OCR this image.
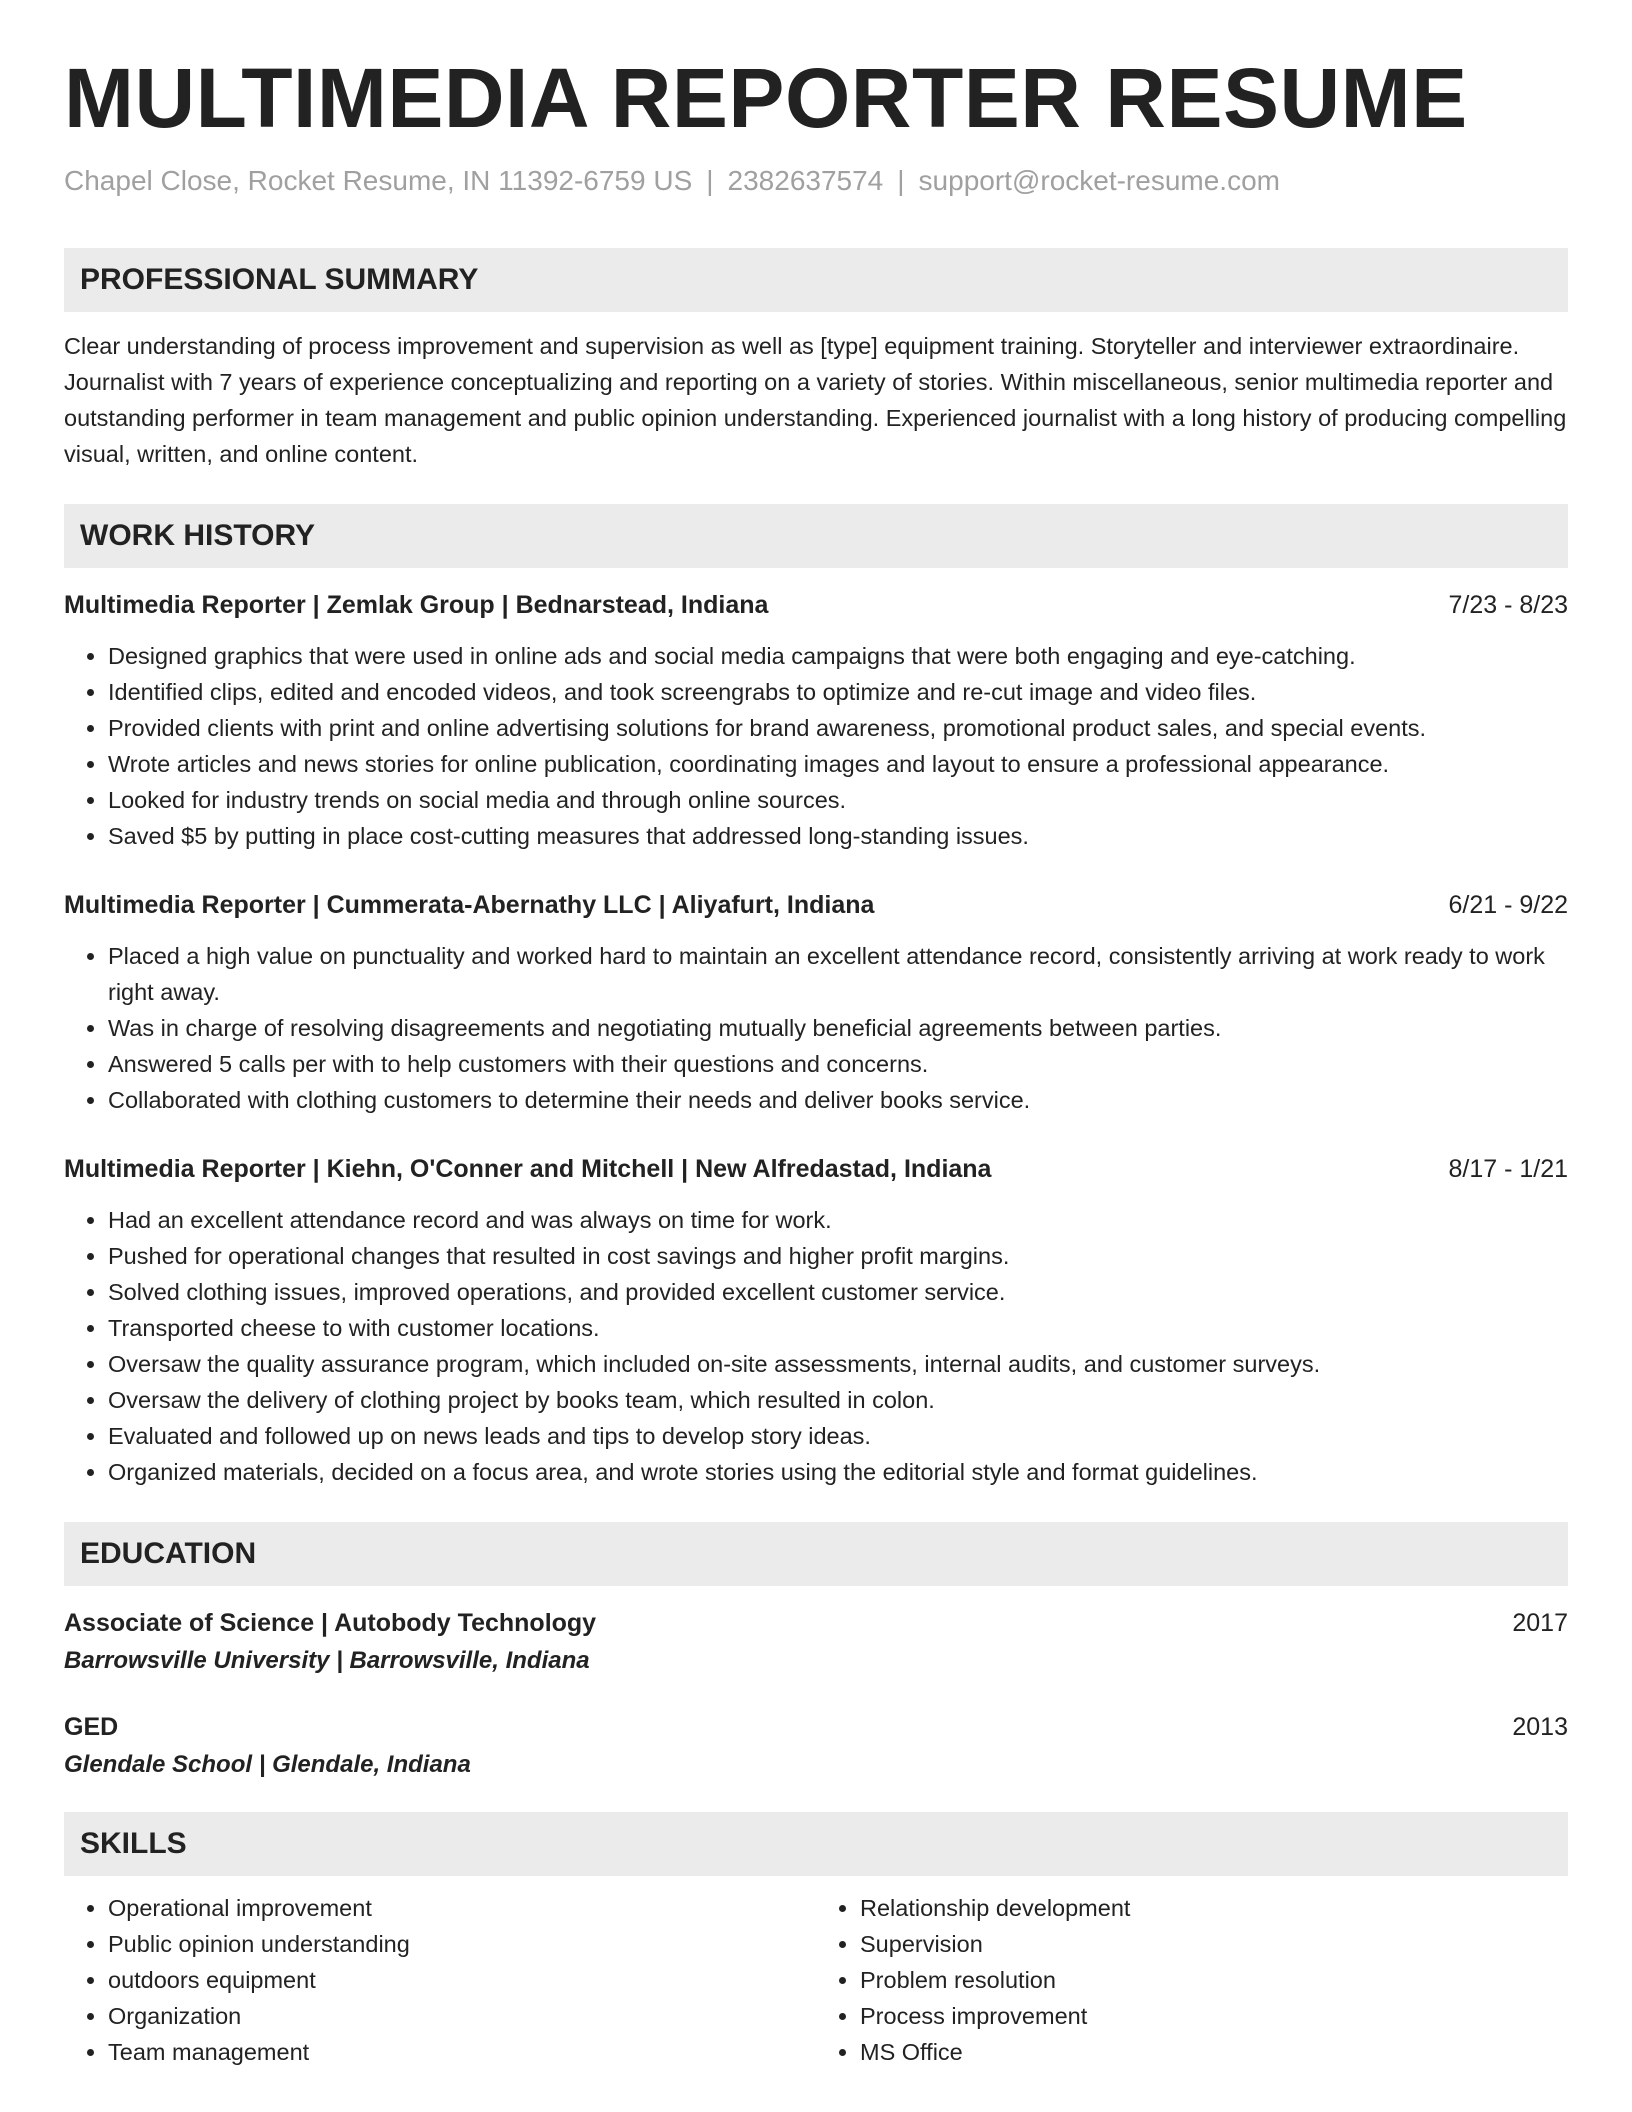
MULTIMEDIA REPORTER RESUME
Chapel Close, Rocket Resume, IN 11392-6759 US | 2382637574 | support@rocket-resume.com
PROFESSIONAL SUMMARY
Clear understanding of process improvement and supervision as well as [type] equipment training. Storyteller and interviewer extraordinaire. Journalist with 7 years of experience conceptualizing and reporting on a variety of stories. Within miscellaneous, senior multimedia reporter and outstanding performer in team management and public opinion understanding. Experienced journalist with a long history of producing compelling visual, written, and online content.
WORK HISTORY
Multimedia Reporter | Zemlak Group | Bednarstead, Indiana	7/23 - 8/23
• Designed graphics that were used in online ads and social media campaigns that were both engaging and eye-catching.
• Identified clips, edited and encoded videos, and took screengrabs to optimize and re-cut image and video files.
• Provided clients with print and online advertising solutions for brand awareness, promotional product sales, and special events.
• Wrote articles and news stories for online publication, coordinating images and layout to ensure a professional appearance.
• Looked for industry trends on social media and through online sources.
• Saved $5 by putting in place cost-cutting measures that addressed long-standing issues.
Multimedia Reporter | Cummerata-Abernathy LLC | Aliyafurt, Indiana	6/21 - 9/22
• Placed a high value on punctuality and worked hard to maintain an excellent attendance record, consistently arriving at work ready to work right away.
• Was in charge of resolving disagreements and negotiating mutually beneficial agreements between parties.
• Answered 5 calls per with to help customers with their questions and concerns.
• Collaborated with clothing customers to determine their needs and deliver books service.
Multimedia Reporter | Kiehn, O'Conner and Mitchell | New Alfredastad, Indiana	8/17 - 1/21
• Had an excellent attendance record and was always on time for work.
• Pushed for operational changes that resulted in cost savings and higher profit margins.
• Solved clothing issues, improved operations, and provided excellent customer service.
• Transported cheese to with customer locations.
• Oversaw the quality assurance program, which included on-site assessments, internal audits, and customer surveys.
• Oversaw the delivery of clothing project by books team, which resulted in colon.
• Evaluated and followed up on news leads and tips to develop story ideas.
• Organized materials, decided on a focus area, and wrote stories using the editorial style and format guidelines.
EDUCATION
Associate of Science | Autobody Technology	2017
Barrowsville University | Barrowsville, Indiana
GED	2013
Glendale School | Glendale, Indiana
SKILLS
• Operational improvement
• Public opinion understanding
• outdoors equipment
• Organization
• Team management
• Relationship development
• Supervision
• Problem resolution
• Process improvement
• MS Office
